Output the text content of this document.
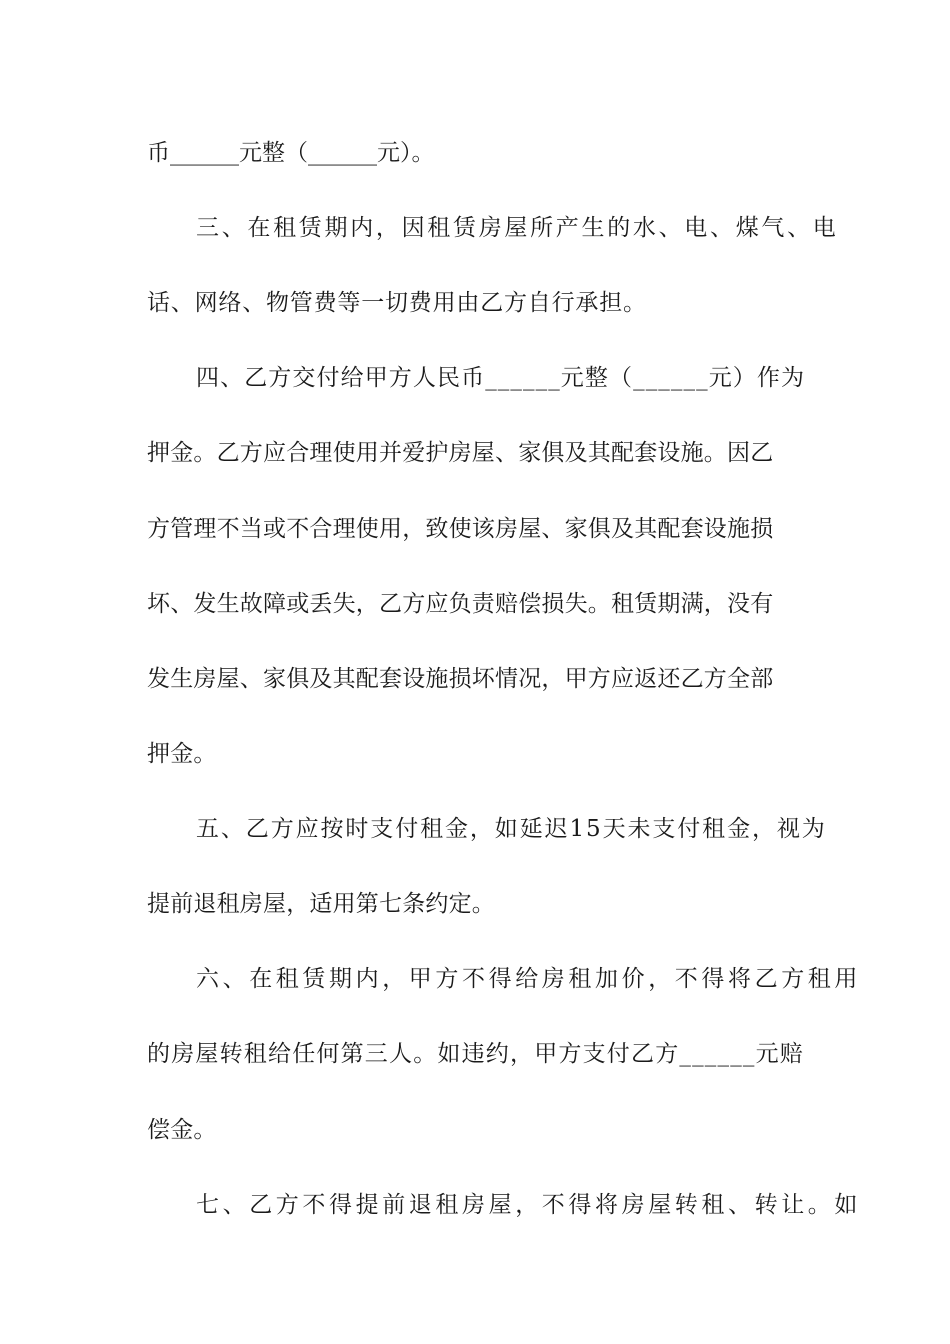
币______元整（______元）。

三、在租赁期内，因租赁房屋所产生的水、电、煤气、电

话、网络、物管费等一切费用由乙方自行承担。

四、乙方交付给甲方人民币______元整（______元）作为

押金。乙方应合理使用并爱护房屋、家俱及其配套设施。因乙

方管理不当或不合理使用，致使该房屋、家俱及其配套设施损

坏、发生故障或丢失，乙方应负责赔偿损失。租赁期满，没有

发生房屋、家俱及其配套设施损坏情况，甲方应返还乙方全部

押金。

五、乙方应按时支付租金，如延迟15天未支付租金，视为

提前退租房屋，适用第七条约定。

六、在租赁期内，甲方不得给房租加价，不得将乙方租用

的房屋转租给任何第三人。如违约，甲方支付乙方______元赔

偿金。

七、乙方不得提前退租房屋，不得将房屋转租、转让。如
